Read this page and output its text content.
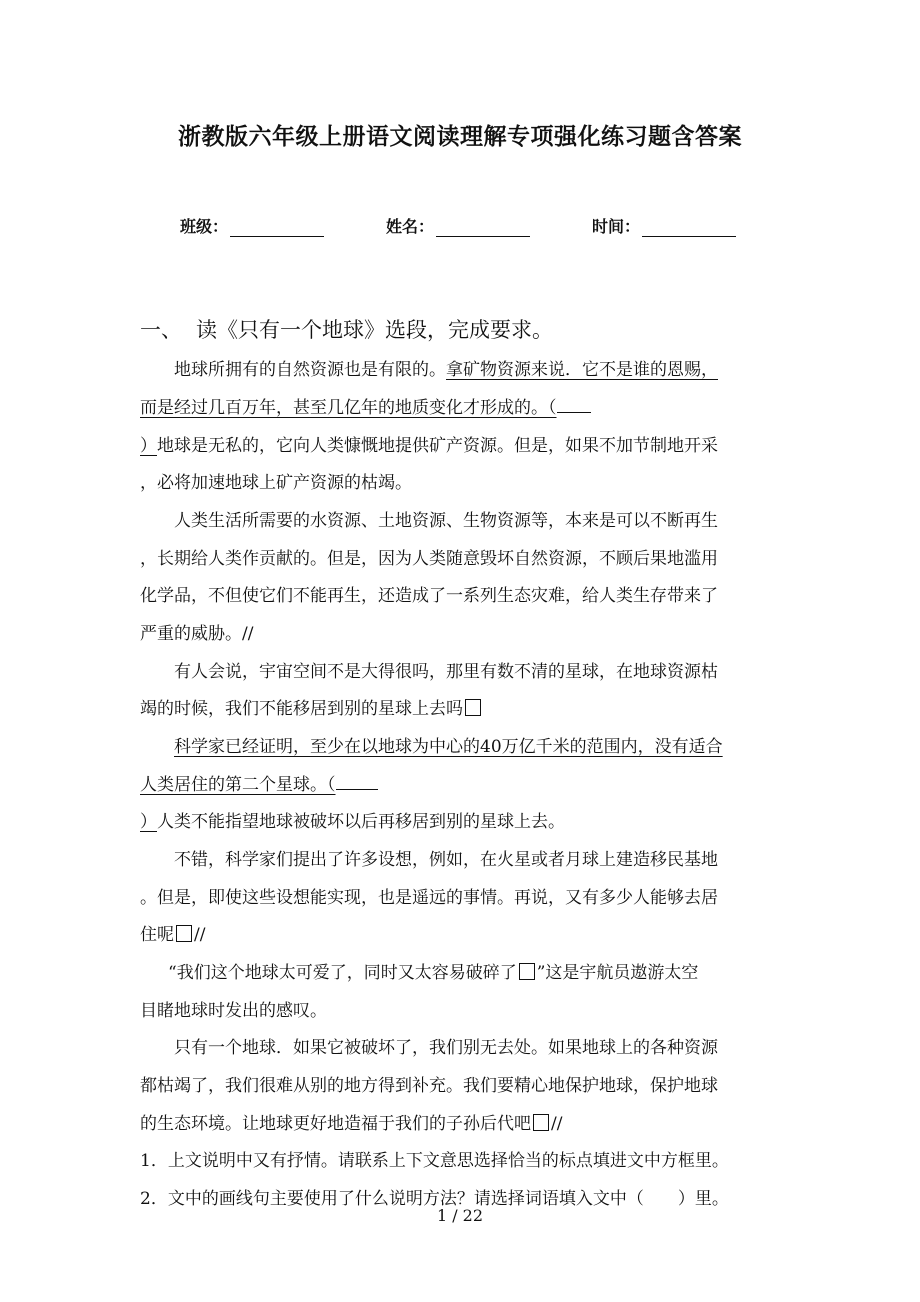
浙教版六年级上册语文阅读理解专项强化练习题含答案
班级：	姓名：	时间：
一、 读《只有一个地球》选段，完成要求。
地球所拥有的自然资源也是有限的。拿矿物资源来说．它不是谁的恩赐，
而是经过几百万年，甚至几亿年的地质变化才形成的。（
）地球是无私的，它向人类慷慨地提供矿产资源。但是，如果不加节制地开采
，必将加速地球上矿产资源的枯竭。
人类生活所需要的水资源、土地资源、生物资源等，本来是可以不断再生
，长期给人类作贡献的。但是，因为人类随意毁坏自然资源，不顾后果地滥用
化学品，不但使它们不能再生，还造成了一系列生态灾难，给人类生存带来了
严重的威胁。//
有人会说，宇宙空间不是大得很吗，那里有数不清的星球，在地球资源枯
竭的时候，我们不能移居到别的星球上去吗
科学家已经证明，至少在以地球为中心的40万亿千米的范围内，没有适合
人类居住的第二个星球。（
）人类不能指望地球被破坏以后再移居到别的星球上去。
不错，科学家们提出了许多设想，例如，在火星或者月球上建造移民基地
。但是，即使这些设想能实现，也是遥远的事情。再说，又有多少人能够去居
住呢 //
“我们这个地球太可爱了，同时又太容易破碎了 ”这是宇航员遨游太空
目睹地球时发出的感叹。
只有一个地球．如果它被破坏了，我们别无去处。如果地球上的各种资源
都枯竭了，我们很难从别的地方得到补充。我们要精心地保护地球，保护地球
的生态环境。让地球更好地造福于我们的子孙后代吧 //
1．上文说明中又有抒情。请联系上下文意思选择恰当的标点填进文中方框里。
2．文中的画线句主要使用了什么说明方法？请选择词语填入文中（　　）里。
1 / 22
